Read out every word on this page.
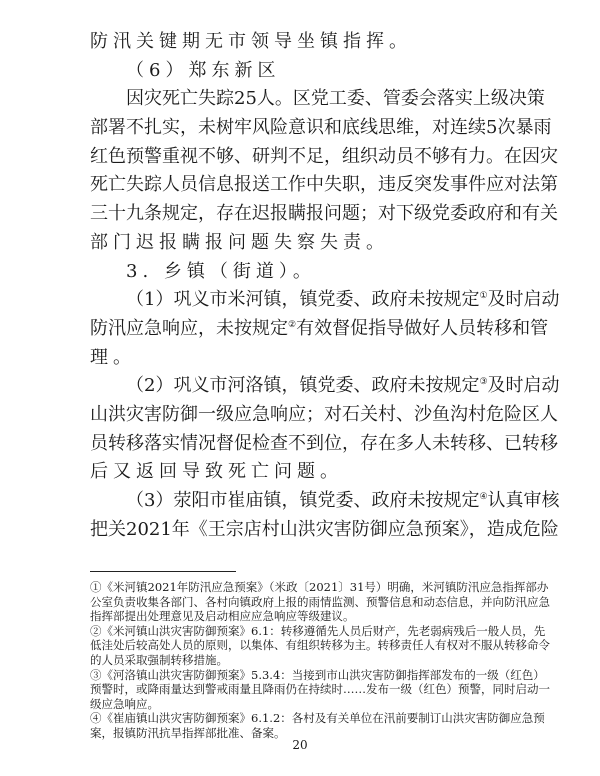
防汛关键期无市领导坐镇指挥。
（6）郑东新区
因灾死亡失踪25人。区党工委、管委会落实上级决策
部署不扎实，未树牢风险意识和底线思维，对连续5次暴雨
红色预警重视不够、研判不足，组织动员不够有力。在因灾
死亡失踪人员信息报送工作中失职，违反突发事件应对法第
三十九条规定，存在迟报瞒报问题；对下级党委政府和有关
部门迟报瞒报问题失察失责。
3. 乡镇（街道）。
（1）巩义市米河镇，镇党委、政府未按规定①及时启动
防汛应急响应，未按规定②有效督促指导做好人员转移和管
理。
（2）巩义市河洛镇，镇党委、政府未按规定③及时启动
山洪灾害防御一级应急响应；对石关村、沙鱼沟村危险区人
员转移落实情况督促检查不到位，存在多人未转移、已转移
后又返回导致死亡问题。
（3）荥阳市崔庙镇，镇党委、政府未按规定④认真审核
把关2021年《王宗店村山洪灾害防御应急预案》，造成危险
①《米河镇2021年防汛应急预案》（米政〔2021〕31号）明确，米河镇防汛应急指挥部办
公室负责收集各部门、各村向镇政府上报的雨情监测、预警信息和动态信息，并向防汛应急
指挥部提出处理意见及启动相应应急响应等级建议。
②《米河镇山洪灾害防御预案》6.1：转移遵循先人员后财产，先老弱病残后一般人员，先
低洼处后较高处人员的原则，以集体、有组织转移为主。转移责任人有权对不服从转移命令
的人员采取强制转移措施。
③《河洛镇山洪灾害防御预案》5.3.4：当接到市山洪灾害防御指挥部发布的一级（红色）
预警时，或降雨量达到警戒雨量且降雨仍在持续时……发布一级（红色）预警，同时启动一
级应急响应。
④《崔庙镇山洪灾害防御预案》6.1.2：各村及有关单位在汛前要制订山洪灾害防御应急预
案，报镇防汛抗旱指挥部批准、备案。
20
